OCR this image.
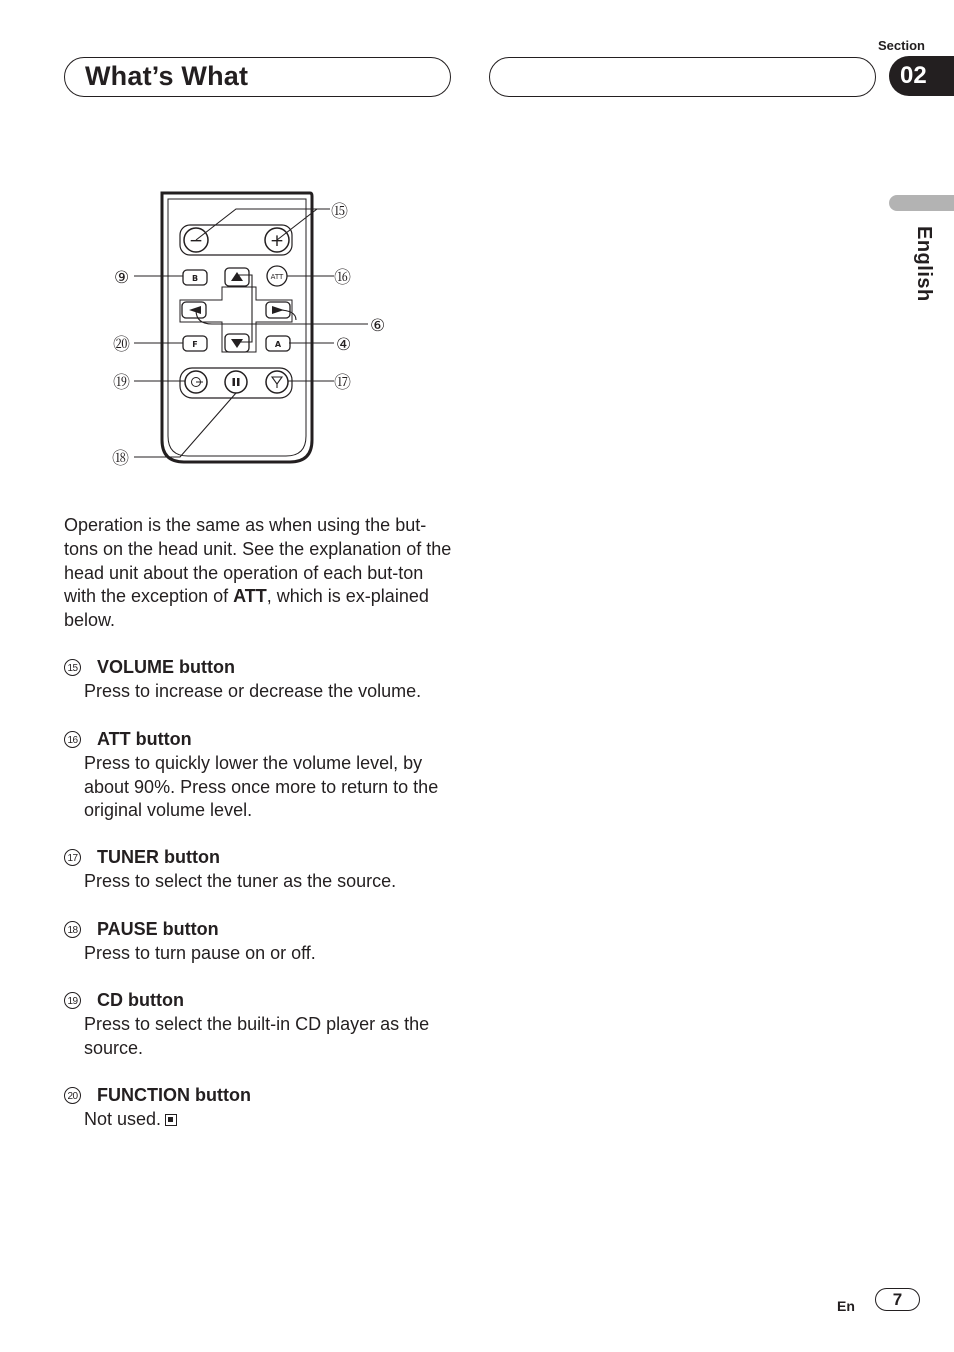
What’s What
Section
02
English
−	+
B	ATT
F	A
⑮
⑨	⑯
⑥
⑳	④
⑲	⑰
⑱
Operation is the same as when using the but-tons on the head unit. See the explanation of the head unit about the operation of each but-ton with the exception of ATT, which is ex-plained below.
15 VOLUME button
Press to increase or decrease the volume.
16 ATT button
Press to quickly lower the volume level, by about 90%. Press once more to return to the original volume level.
17 TUNER button
Press to select the tuner as the source.
18 PAUSE button
Press to turn pause on or off.
19 CD button
Press to select the built-in CD player as the source.
20 FUNCTION button
Not used.
En	7
